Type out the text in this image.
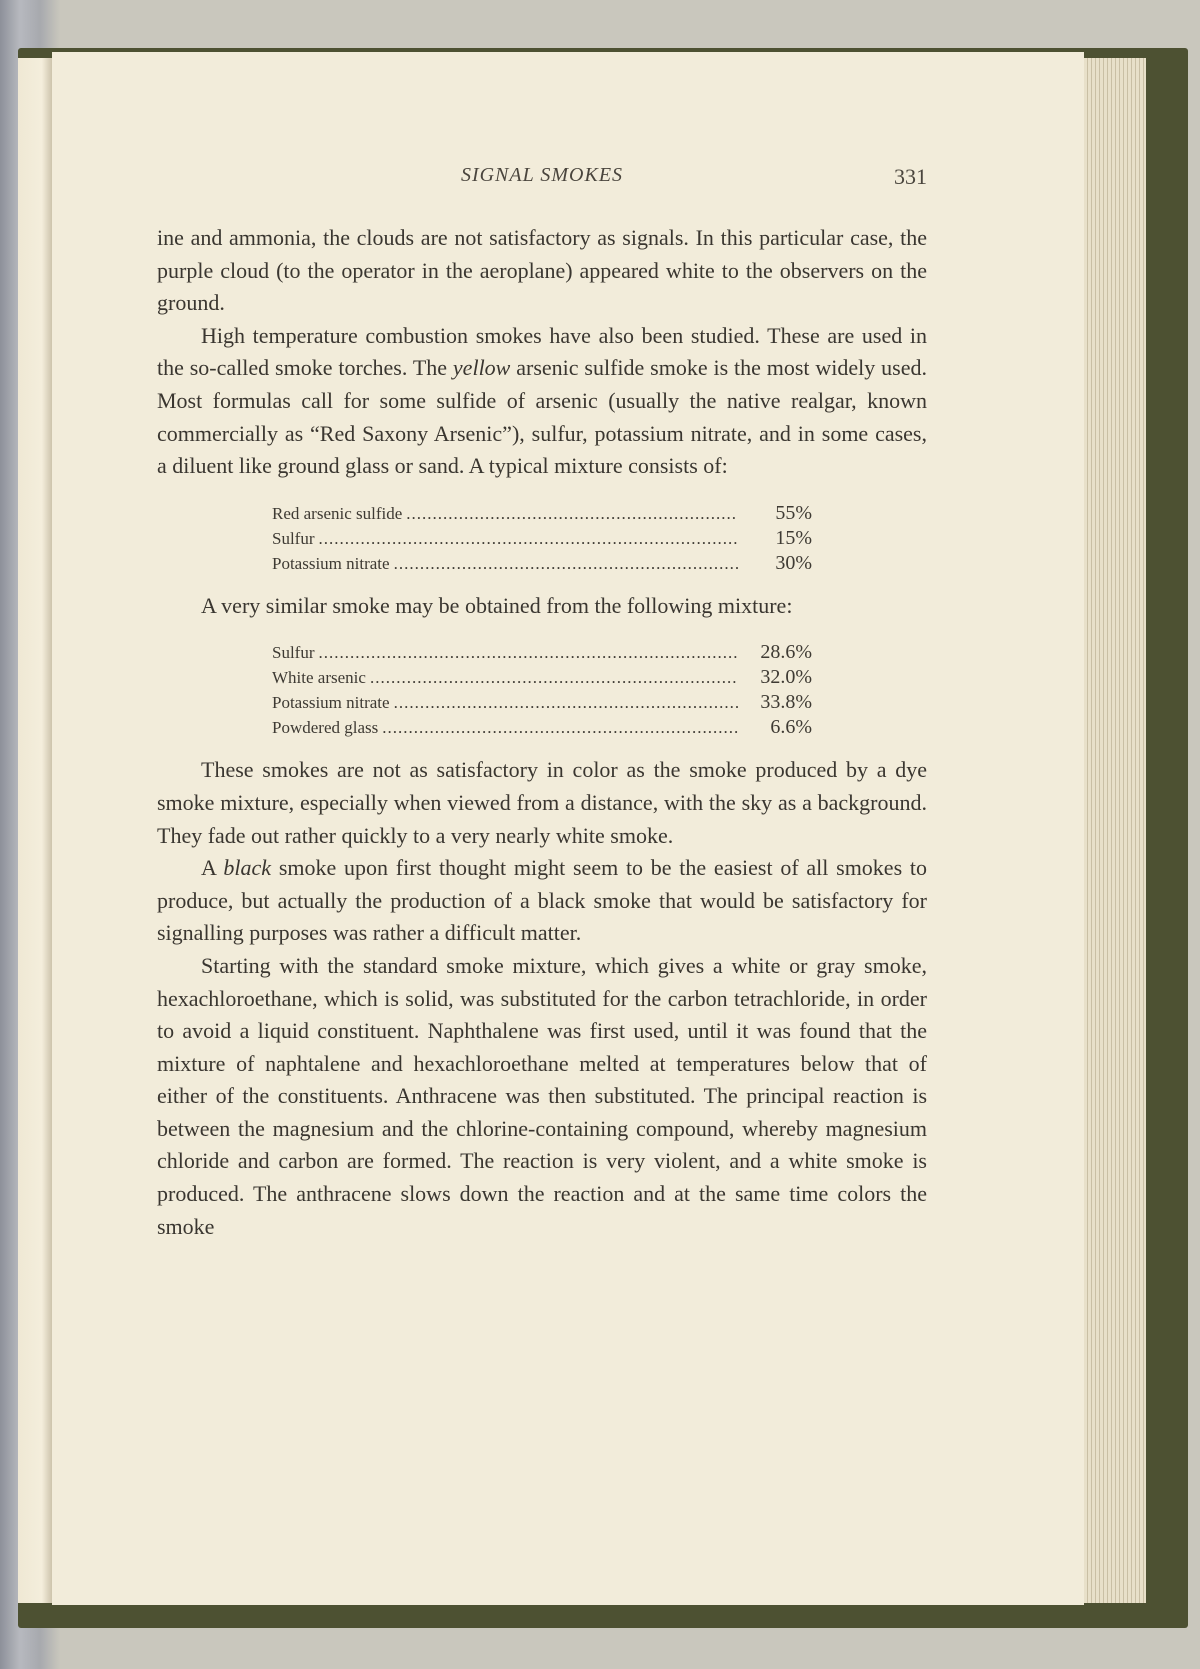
SIGNAL SMOKES	331

ine and ammonia, the clouds are not satisfactory as signals. In this particular case, the purple cloud (to the operator in the aeroplane) appeared white to the observers on the ground.

High temperature combustion smokes have also been studied. These are used in the so-called smoke torches. The yellow arsenic sulfide smoke is the most widely used. Most formulas call for some sulfide of arsenic (usually the native realgar, known commercially as “Red Saxony Arsenic”), sulfur, potassium nitrate, and in some cases, a diluent like ground glass or sand. A typical mixture consists of:

Red arsenic sulfide .....	55%
Sulfur .....	15%
Potassium nitrate .....	30%

A very similar smoke may be obtained from the following mixture:

Sulfur .....	28.6%
White arsenic .....	32.0%
Potassium nitrate .....	33.8%
Powdered glass .....	6.6%

These smokes are not as satisfactory in color as the smoke produced by a dye smoke mixture, especially when viewed from a distance, with the sky as a background. They fade out rather quickly to a very nearly white smoke.

A black smoke upon first thought might seem to be the easiest of all smokes to produce, but actually the production of a black smoke that would be satisfactory for signalling purposes was rather a difficult matter.

Starting with the standard smoke mixture, which gives a white or gray smoke, hexachloroethane, which is solid, was substituted for the carbon tetrachloride, in order to avoid a liquid constituent. Naphthalene was first used, until it was found that the mixture of naphtalene and hexachloroethane melted at temperatures below that of either of the constituents. Anthracene was then substituted. The principal reaction is between the magnesium and the chlorine-containing compound, whereby magnesium chloride and carbon are formed. The reaction is very violent, and a white smoke is produced. The anthracene slows down the reaction and at the same time colors the smoke
